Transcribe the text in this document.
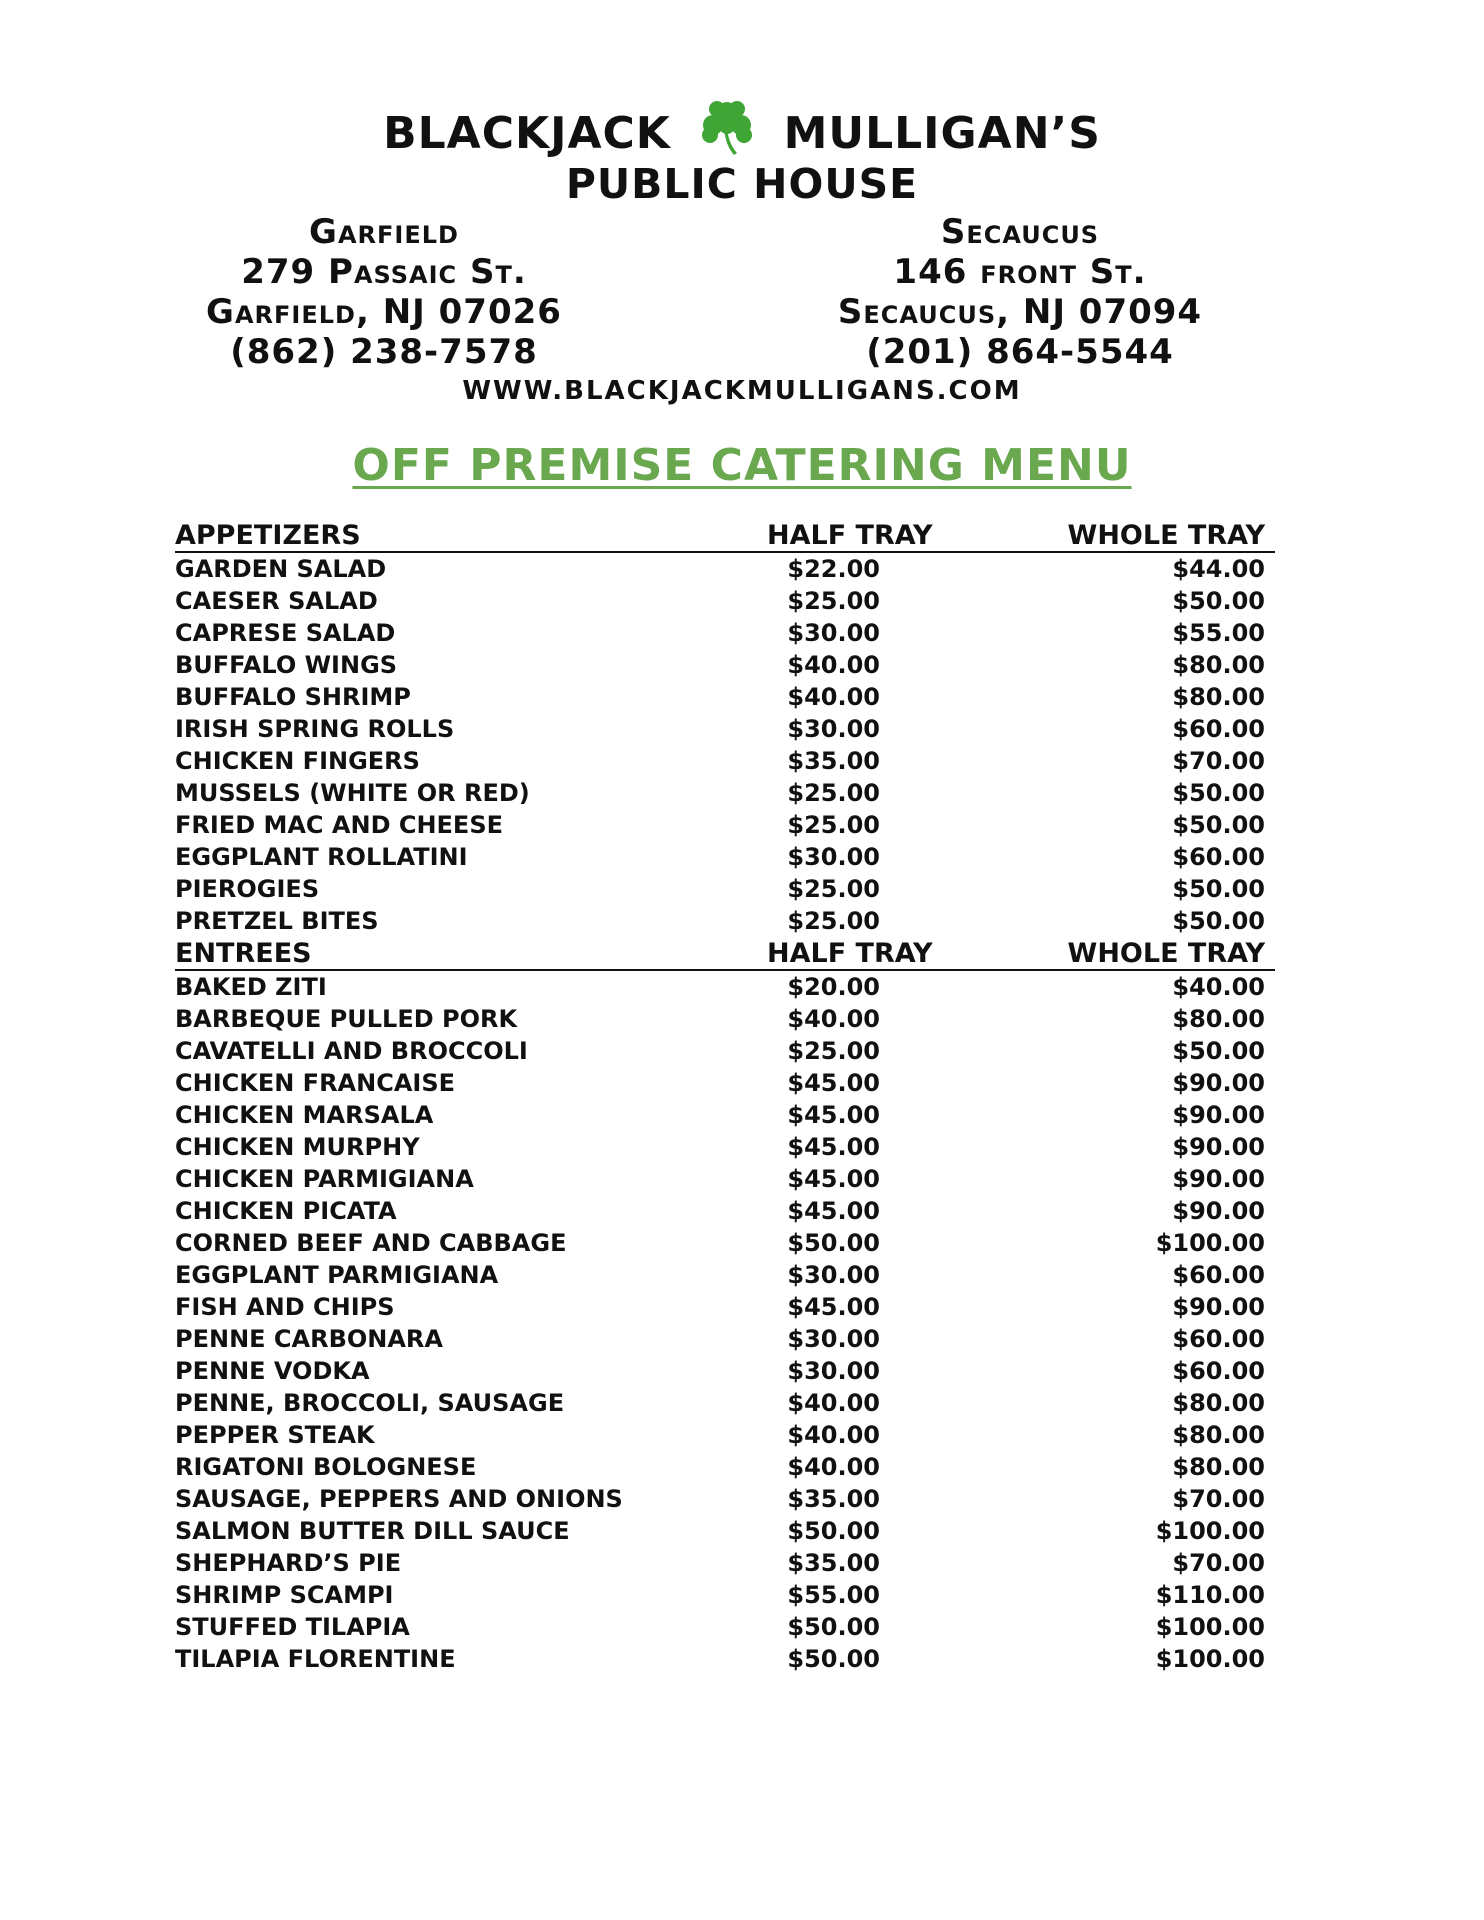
BLACKJACK	MULLIGAN’S
PUBLIC HOUSE
Garfield
279 Passaic St.
Garfield, NJ 07026
(862) 238-7578
Secaucus
146 front St.
Secaucus, NJ 07094
(201) 864-5544
WWW.BLACKJACKMULLIGANS.COM
OFF PREMISE CATERING MENU
APPETIZERS	HALF TRAY	WHOLE TRAY
GARDEN SALAD	$22.00	$44.00
CAESER SALAD	$25.00	$50.00
CAPRESE SALAD	$30.00	$55.00
BUFFALO WINGS	$40.00	$80.00
BUFFALO SHRIMP	$40.00	$80.00
IRISH SPRING ROLLS	$30.00	$60.00
CHICKEN FINGERS	$35.00	$70.00
MUSSELS (WHITE OR RED)	$25.00	$50.00
FRIED MAC AND CHEESE	$25.00	$50.00
EGGPLANT ROLLATINI	$30.00	$60.00
PIEROGIES	$25.00	$50.00
PRETZEL BITES	$25.00	$50.00
ENTREES	HALF TRAY	WHOLE TRAY
BAKED ZITI	$20.00	$40.00
BARBEQUE PULLED PORK	$40.00	$80.00
CAVATELLI AND BROCCOLI	$25.00	$50.00
CHICKEN FRANCAISE	$45.00	$90.00
CHICKEN MARSALA	$45.00	$90.00
CHICKEN MURPHY	$45.00	$90.00
CHICKEN PARMIGIANA	$45.00	$90.00
CHICKEN PICATA	$45.00	$90.00
CORNED BEEF AND CABBAGE	$50.00	$100.00
EGGPLANT PARMIGIANA	$30.00	$60.00
FISH AND CHIPS	$45.00	$90.00
PENNE CARBONARA	$30.00	$60.00
PENNE VODKA	$30.00	$60.00
PENNE, BROCCOLI, SAUSAGE	$40.00	$80.00
PEPPER STEAK	$40.00	$80.00
RIGATONI BOLOGNESE	$40.00	$80.00
SAUSAGE, PEPPERS AND ONIONS	$35.00	$70.00
SALMON BUTTER DILL SAUCE	$50.00	$100.00
SHEPHARD’S PIE	$35.00	$70.00
SHRIMP SCAMPI	$55.00	$110.00
STUFFED TILAPIA	$50.00	$100.00
TILAPIA FLORENTINE	$50.00	$100.00
